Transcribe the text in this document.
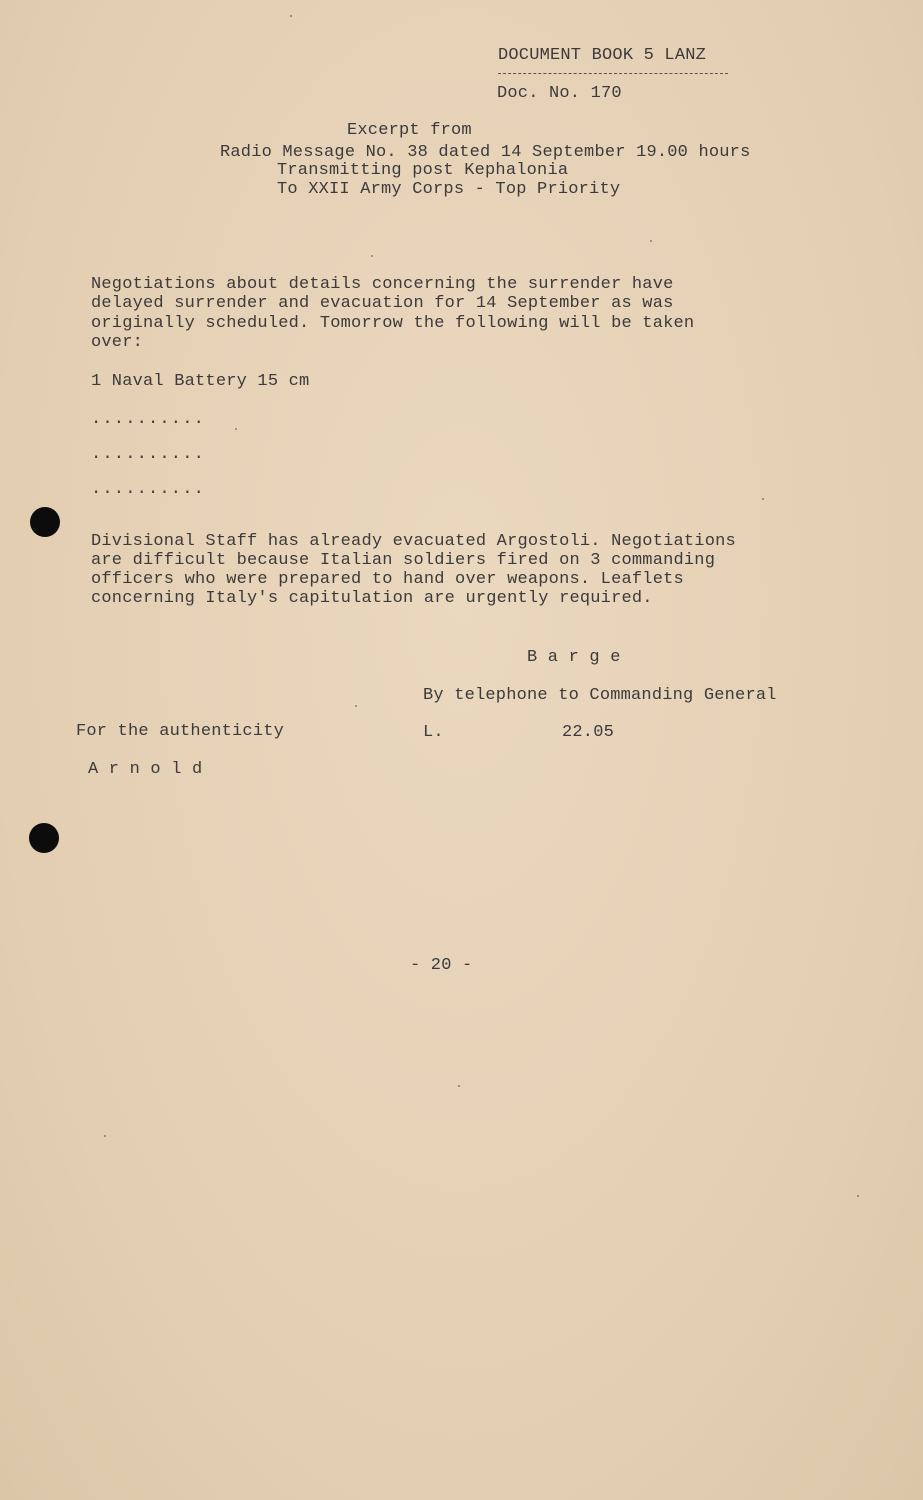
DOCUMENT BOOK 5 LANZ
Doc. No. 170
Excerpt from
Radio Message No. 38 dated 14 September 19.00 hours
Transmitting post Kephalonia
To XXII Army Corps - Top Priority
Negotiations about details concerning the surrender have
delayed surrender and evacuation for 14 September as was
originally scheduled. Tomorrow the following will be taken
over:
1 Naval Battery 15 cm
..........
..........
..........
Divisional Staff has already evacuated Argostoli. Negotiations
are difficult because Italian soldiers fired on 3 commanding
officers who were prepared to hand over weapons. Leaflets
concerning Italy's capitulation are urgently required.
B a r g e
By telephone to Commanding General
For the authenticity	L.	22.05
A r n o l d
- 20 -
